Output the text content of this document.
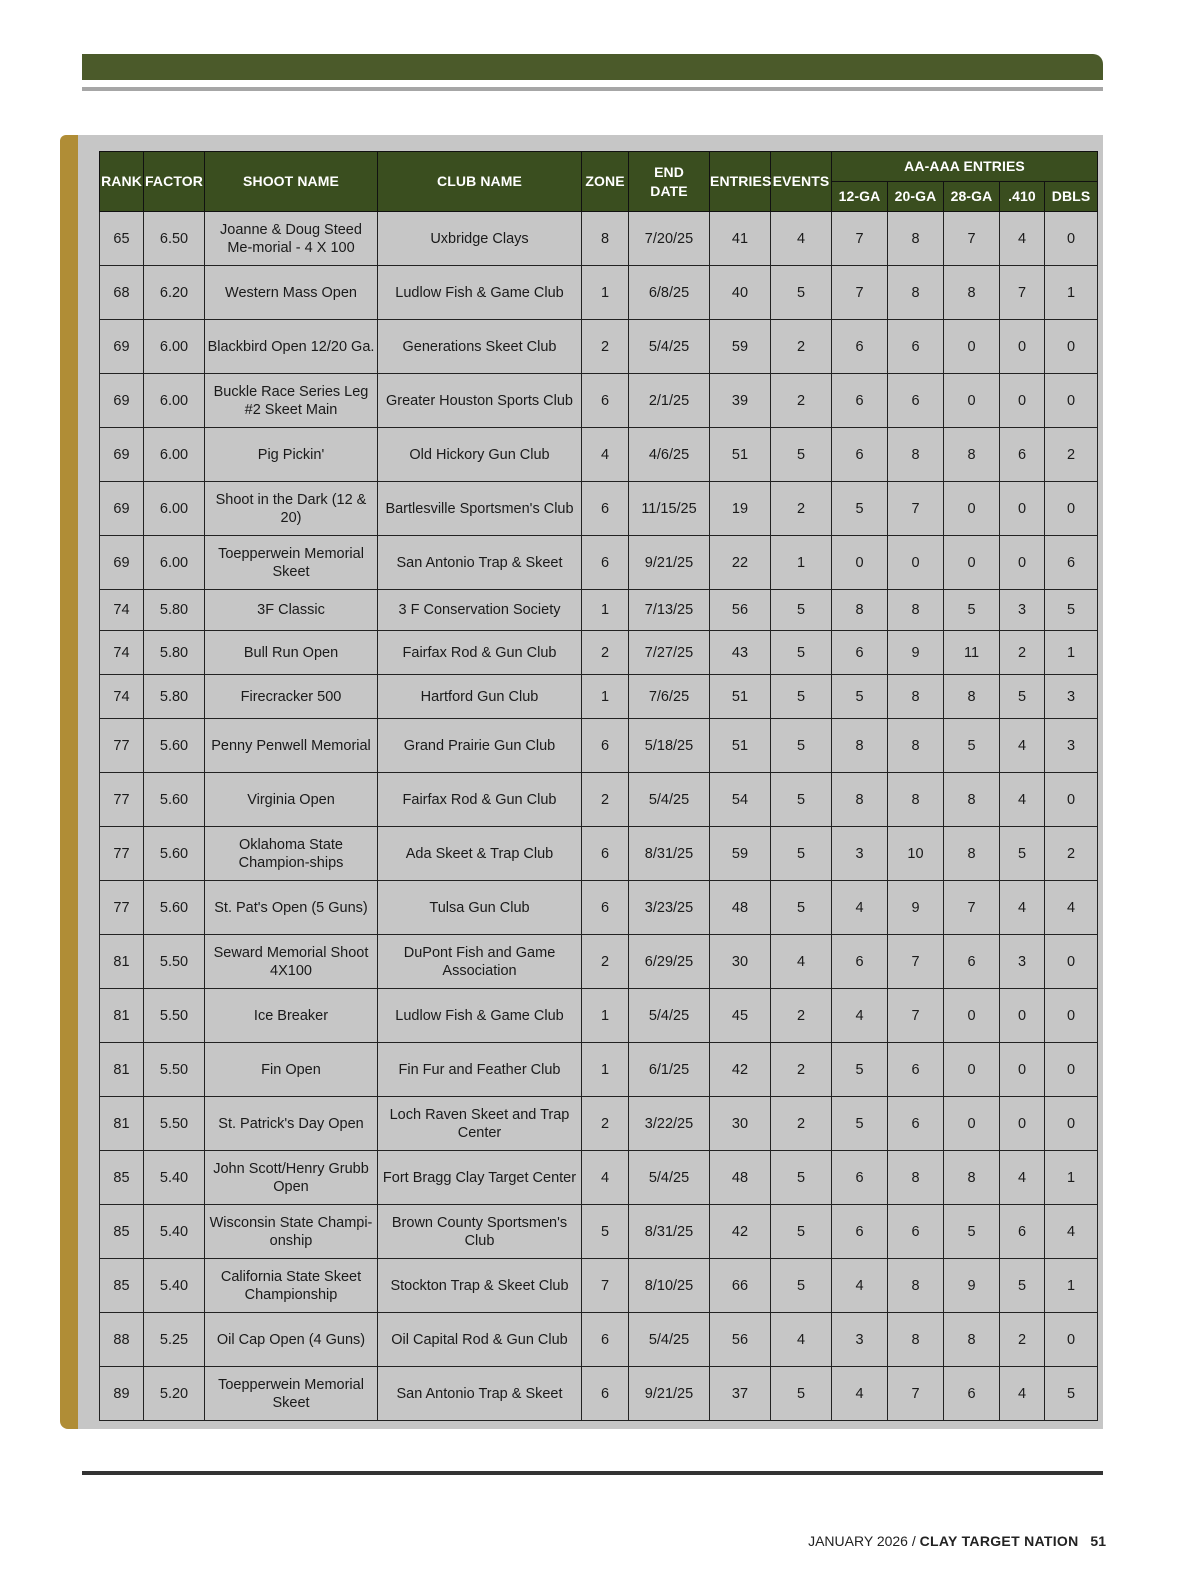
RANK	FACTOR	SHOOT NAME	CLUB NAME	ZONE	END DATE	ENTRIES	EVENTS	AA-AAA ENTRIES				
								12-GA	20-GA	28-GA	.410	DBLS
65	6.50	Joanne & Doug Steed Me-morial - 4 X 100	Uxbridge Clays	8	7/20/25	41	4	7	8	7	4	0
68	6.20	Western Mass Open	Ludlow Fish & Game Club	1	6/8/25	40	5	7	8	8	7	1
69	6.00	Blackbird Open 12/20 Ga.	Generations Skeet Club	2	5/4/25	59	2	6	6	0	0	0
69	6.00	Buckle Race Series Leg #2 Skeet Main	Greater Houston Sports Club	6	2/1/25	39	2	6	6	0	0	0
69	6.00	Pig Pickin'	Old Hickory Gun Club	4	4/6/25	51	5	6	8	8	6	2
69	6.00	Shoot in the Dark (12 & 20)	Bartlesville Sportsmen's Club	6	11/15/25	19	2	5	7	0	0	0
69	6.00	Toepperwein Memorial Skeet	San Antonio Trap & Skeet	6	9/21/25	22	1	0	0	0	0	6
74	5.80	3F Classic	3 F Conservation Society	1	7/13/25	56	5	8	8	5	3	5
74	5.80	Bull Run Open	Fairfax Rod & Gun Club	2	7/27/25	43	5	6	9	11	2	1
74	5.80	Firecracker 500	Hartford Gun Club	1	7/6/25	51	5	5	8	8	5	3
77	5.60	Penny Penwell Memorial	Grand Prairie Gun Club	6	5/18/25	51	5	8	8	5	4	3
77	5.60	Virginia Open	Fairfax Rod & Gun Club	2	5/4/25	54	5	8	8	8	4	0
77	5.60	Oklahoma State Champion-ships	Ada Skeet & Trap Club	6	8/31/25	59	5	3	10	8	5	2
77	5.60	St. Pat's Open (5 Guns)	Tulsa Gun Club	6	3/23/25	48	5	4	9	7	4	4
81	5.50	Seward Memorial Shoot 4X100	DuPont Fish and Game Association	2	6/29/25	30	4	6	7	6	3	0
81	5.50	Ice Breaker	Ludlow Fish & Game Club	1	5/4/25	45	2	4	7	0	0	0
81	5.50	Fin Open	Fin Fur and Feather Club	1	6/1/25	42	2	5	6	0	0	0
81	5.50	St. Patrick's Day Open	Loch Raven Skeet and Trap Center	2	3/22/25	30	2	5	6	0	0	0
85	5.40	John Scott/Henry Grubb Open	Fort Bragg Clay Target Center	4	5/4/25	48	5	6	8	8	4	1
85	5.40	Wisconsin State Champi-onship	Brown County Sportsmen's Club	5	8/31/25	42	5	6	6	5	6	4
85	5.40	California State Skeet Championship	Stockton Trap & Skeet Club	7	8/10/25	66	5	4	8	9	5	1
88	5.25	Oil Cap Open (4 Guns)	Oil Capital Rod & Gun Club	6	5/4/25	56	4	3	8	8	2	0
89	5.20	Toepperwein Memorial Skeet	San Antonio Trap & Skeet	6	9/21/25	37	5	4	7	6	4	5
JANUARY 2026 / CLAY TARGET NATION 51
